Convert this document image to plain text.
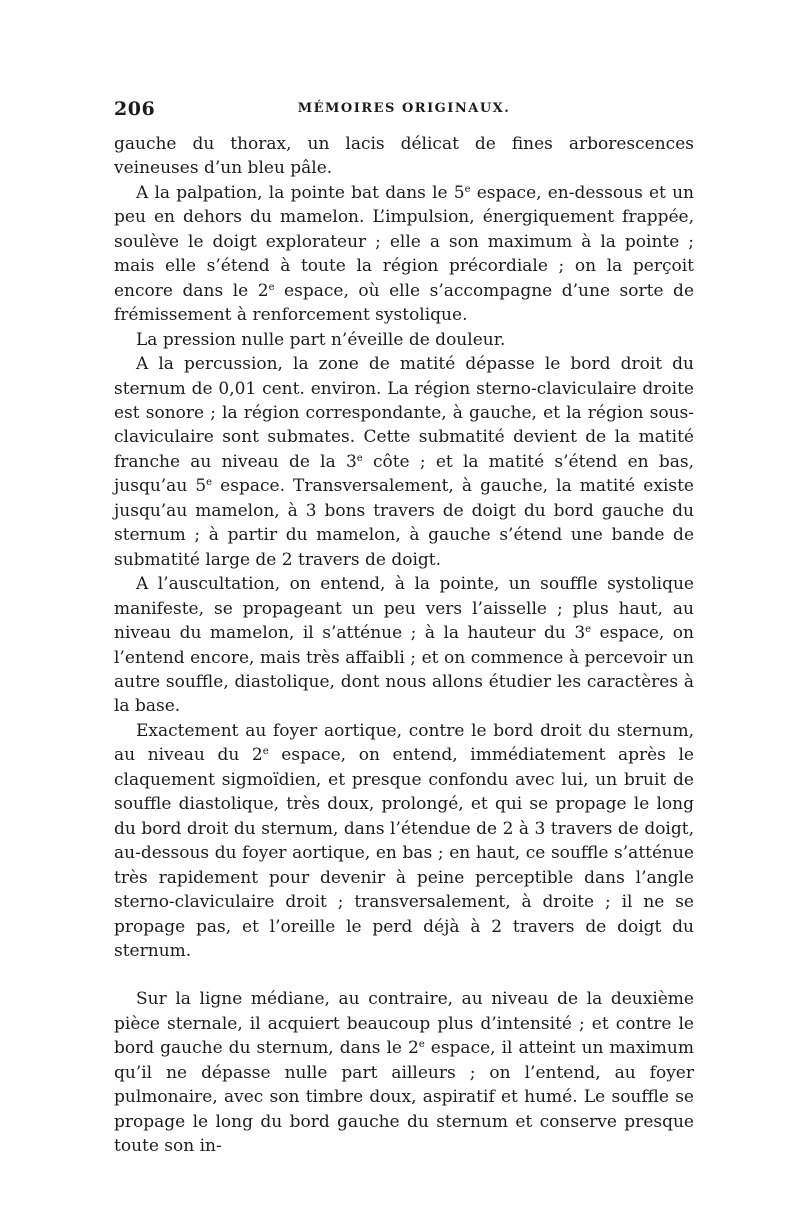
206	MÉMOIRES ORIGINAUX.

gauche du thorax, un lacis délicat de fines arborescences veineuses d’un bleu pâle.

A la palpation, la pointe bat dans le 5e espace, en-dessous et un peu en dehors du mamelon. L’impulsion, énergiquement frappée, soulève le doigt explorateur ; elle a son maximum à la pointe ; mais elle s’étend à toute la région précordiale ; on la perçoit encore dans le 2e espace, où elle s’accompagne d’une sorte de frémissement à renforcement systolique.

La pression nulle part n’éveille de douleur.

A la percussion, la zone de matité dépasse le bord droit du sternum de 0,01 cent. environ. La région sterno-claviculaire droite est sonore ; la région correspondante, à gauche, et la région sous-claviculaire sont submates. Cette submatité devient de la matité franche au niveau de la 3e côte ; et la matité s’étend en bas, jusqu’au 5e espace. Transversalement, à gauche, la matité existe jusqu’au mamelon, à 3 bons travers de doigt du bord gauche du sternum ; à partir du mamelon, à gauche s’étend une bande de submatité large de 2 travers de doigt.

A l’auscultation, on entend, à la pointe, un souffle systolique manifeste, se propageant un peu vers l’aisselle ; plus haut, au niveau du mamelon, il s’atténue ; à la hauteur du 3e espace, on l’entend encore, mais très affaibli ; et on commence à percevoir un autre souffle, diastolique, dont nous allons étudier les caractères à la base.

Exactement au foyer aortique, contre le bord droit du sternum, au niveau du 2e espace, on entend, immédiatement après le claquement sigmoïdien, et presque confondu avec lui, un bruit de souffle diastolique, très doux, prolongé, et qui se propage le long du bord droit du sternum, dans l’étendue de 2 à 3 travers de doigt, au-dessous du foyer aortique, en bas ; en haut, ce souffle s’atténue très rapidement pour devenir à peine perceptible dans l’angle sterno-claviculaire droit ; transversalement, à droite ; il ne se propage pas, et l’oreille le perd déjà à 2 travers de doigt du sternum.

Sur la ligne médiane, au contraire, au niveau de la deuxième pièce sternale, il acquiert beaucoup plus d’intensité ; et contre le bord gauche du sternum, dans le 2e espace, il atteint un maximum qu’il ne dépasse nulle part ailleurs ; on l’entend, au foyer pulmonaire, avec son timbre doux, aspiratif et humé. Le souffle se propage le long du bord gauche du sternum et conserve presque toute son in-
